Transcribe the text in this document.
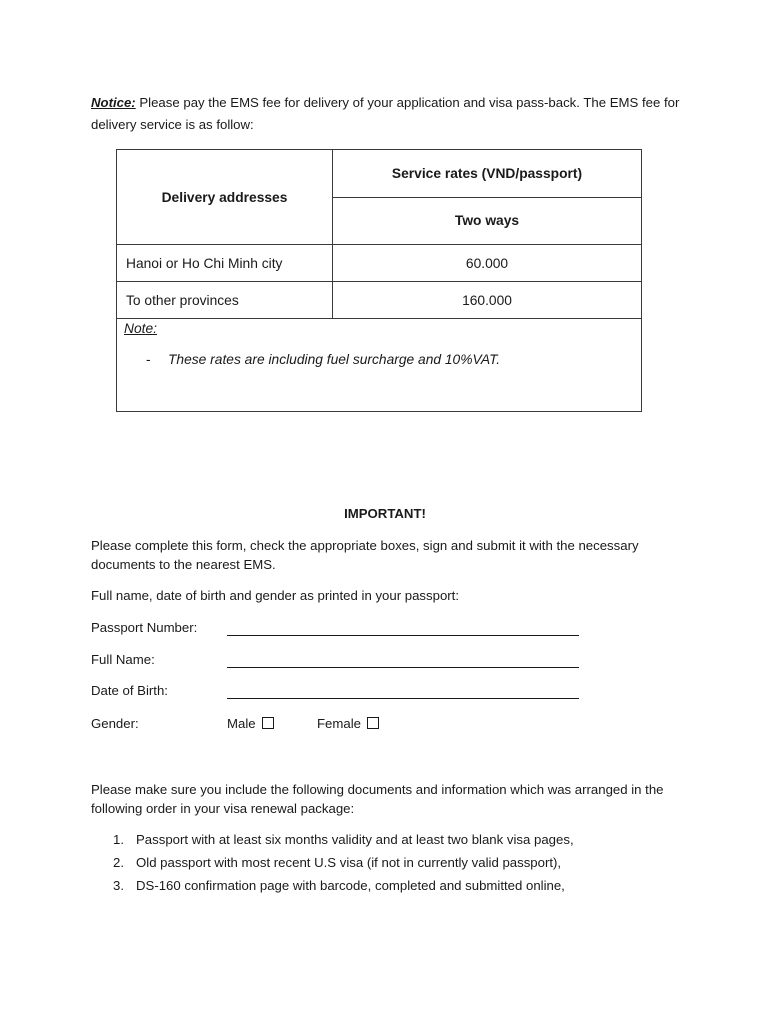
Notice: Please pay the EMS fee for delivery of your application and visa pass-back. The EMS fee for delivery service is as follow:
Delivery addresses	Service rates (VND/passport)
	Two ways
Hanoi or Ho Chi Minh city	60.000
To other provinces	160.000

Note:
- These rates are including fuel surcharge and 10%VAT.	
IMPORTANT!
Please complete this form, check the appropriate boxes, sign and submit it with the necessary documents to the nearest EMS.
Full name, date of birth and gender as printed in your passport:
Passport Number:
Full Name:
Date of Birth:
Gender:	Male	Female
Please make sure you include the following documents and information which was arranged in the following order in your visa renewal package:
1. Passport with at least six months validity and at least two blank visa pages,
2. Old passport with most recent U.S visa (if not in currently valid passport),
3. DS-160 confirmation page with barcode, completed and submitted online,
